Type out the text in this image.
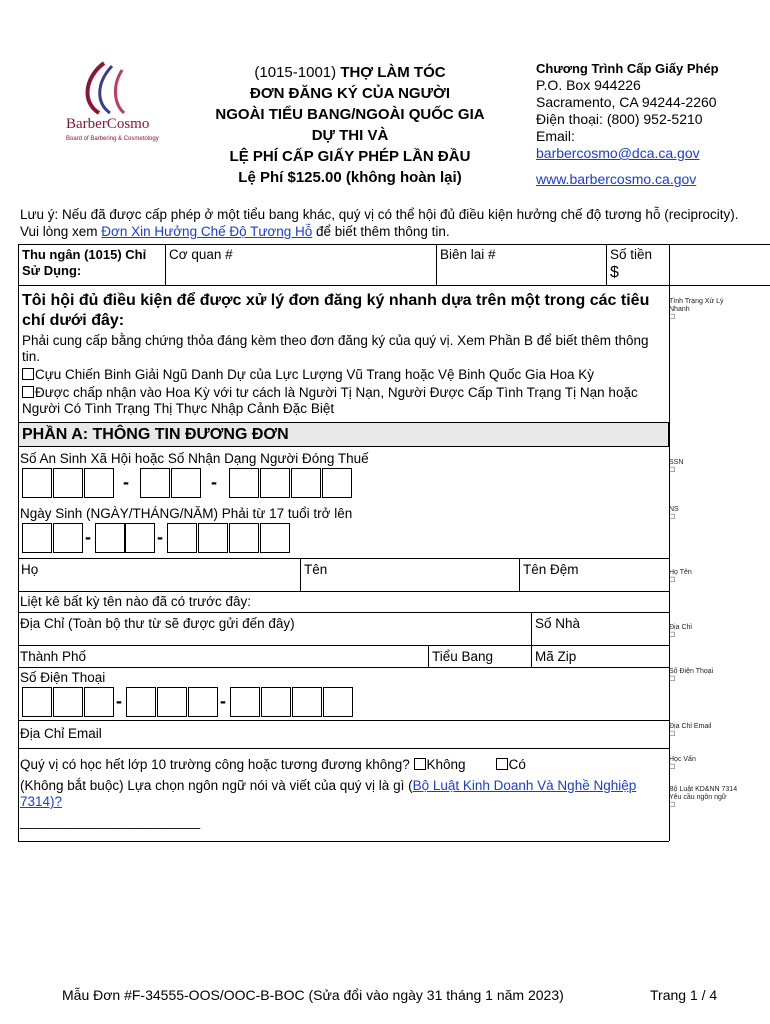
BarberCosmo
Board of Barbering & Cosmetology
(1015-1001) THỢ LÀM TÓC
ĐƠN ĐĂNG KÝ CỦA NGƯỜI
NGOÀI TIỂU BANG/NGOÀI QUỐC GIA
DỰ THI VÀ
LỆ PHÍ CẤP GIẤY PHÉP LẦN ĐẦU
Lệ Phí $125.00 (không hoàn lại)
Chương Trình Cấp Giấy Phép
P.O. Box 944226
Sacramento, CA 94244-2260
Điện thoại: (800) 952-5210
Email:
barbercosmo@dca.ca.gov
www.barbercosmo.ca.gov
Lưu ý: Nếu đã được cấp phép ở một tiểu bang khác, quý vị có thể hội đủ điều kiện hưởng chế độ tương hỗ (reciprocity). Vui lòng xem Đơn Xin Hưởng Chế Độ Tương Hỗ để biết thêm thông tin.
Thu ngân (1015) Chỉ Sử Dụng:
Cơ quan #	Biên lai #	Số tiền
$
Tôi hội đủ điều kiện để được xử lý đơn đăng ký nhanh dựa trên một trong các tiêu chí dưới đây:
Phải cung cấp bằng chứng thỏa đáng kèm theo đơn đăng ký của quý vị. Xem Phần B để biết thêm thông tin.
Cựu Chiến Binh Giải Ngũ Danh Dự của Lực Lượng Vũ Trang hoặc Vệ Binh Quốc Gia Hoa Kỳ
Được chấp nhận vào Hoa Kỳ với tư cách là Người Tị Nạn, Người Được Cấp Tình Trạng Tị Nạn hoặc Người Có Tình Trạng Thị Thực Nhập Cảnh Đặc Biệt
PHẦN A: THÔNG TIN ĐƯƠNG ĐƠN
Số An Sinh Xã Hội hoặc Số Nhận Dạng Người Đóng Thuế
-	-
Ngày Sinh (NGÀY/THÁNG/NĂM) Phải từ 17 tuổi trở lên
-	-
Họ	Tên	Tên Đệm
Liệt kê bất kỳ tên nào đã có trước đây:
Địa Chỉ (Toàn bộ thư từ sẽ được gửi đến đây)	Số Nhà
Thành Phố	Tiểu Bang	Mã Zip
Số Điện Thoại
-	-
Địa Chỉ Email
Quý vị có học hết lớp 10 trường công hoặc tương đương không? Không	Có
(Không bắt buộc) Lựa chọn ngôn ngữ nói và viết của quý vị là gì (Bộ Luật Kinh Doanh Và Nghề Nghiệp 7314)?
________________________
Tình Trạng Xử Lý Nhanh
☐
SSN
☐
NS
☐
Họ Tên
☐
Địa Chỉ
☐
Số Điện Thoại
☐
Địa Chỉ Email
☐
Học Vấn
☐
Bộ Luật KD&NN 7314 Yêu cầu ngôn ngữ
☐
Mẫu Đơn #F-34555-OOS/OOC-B-BOC (Sửa đổi vào ngày 31 tháng 1 năm 2023)	Trang 1 / 4
